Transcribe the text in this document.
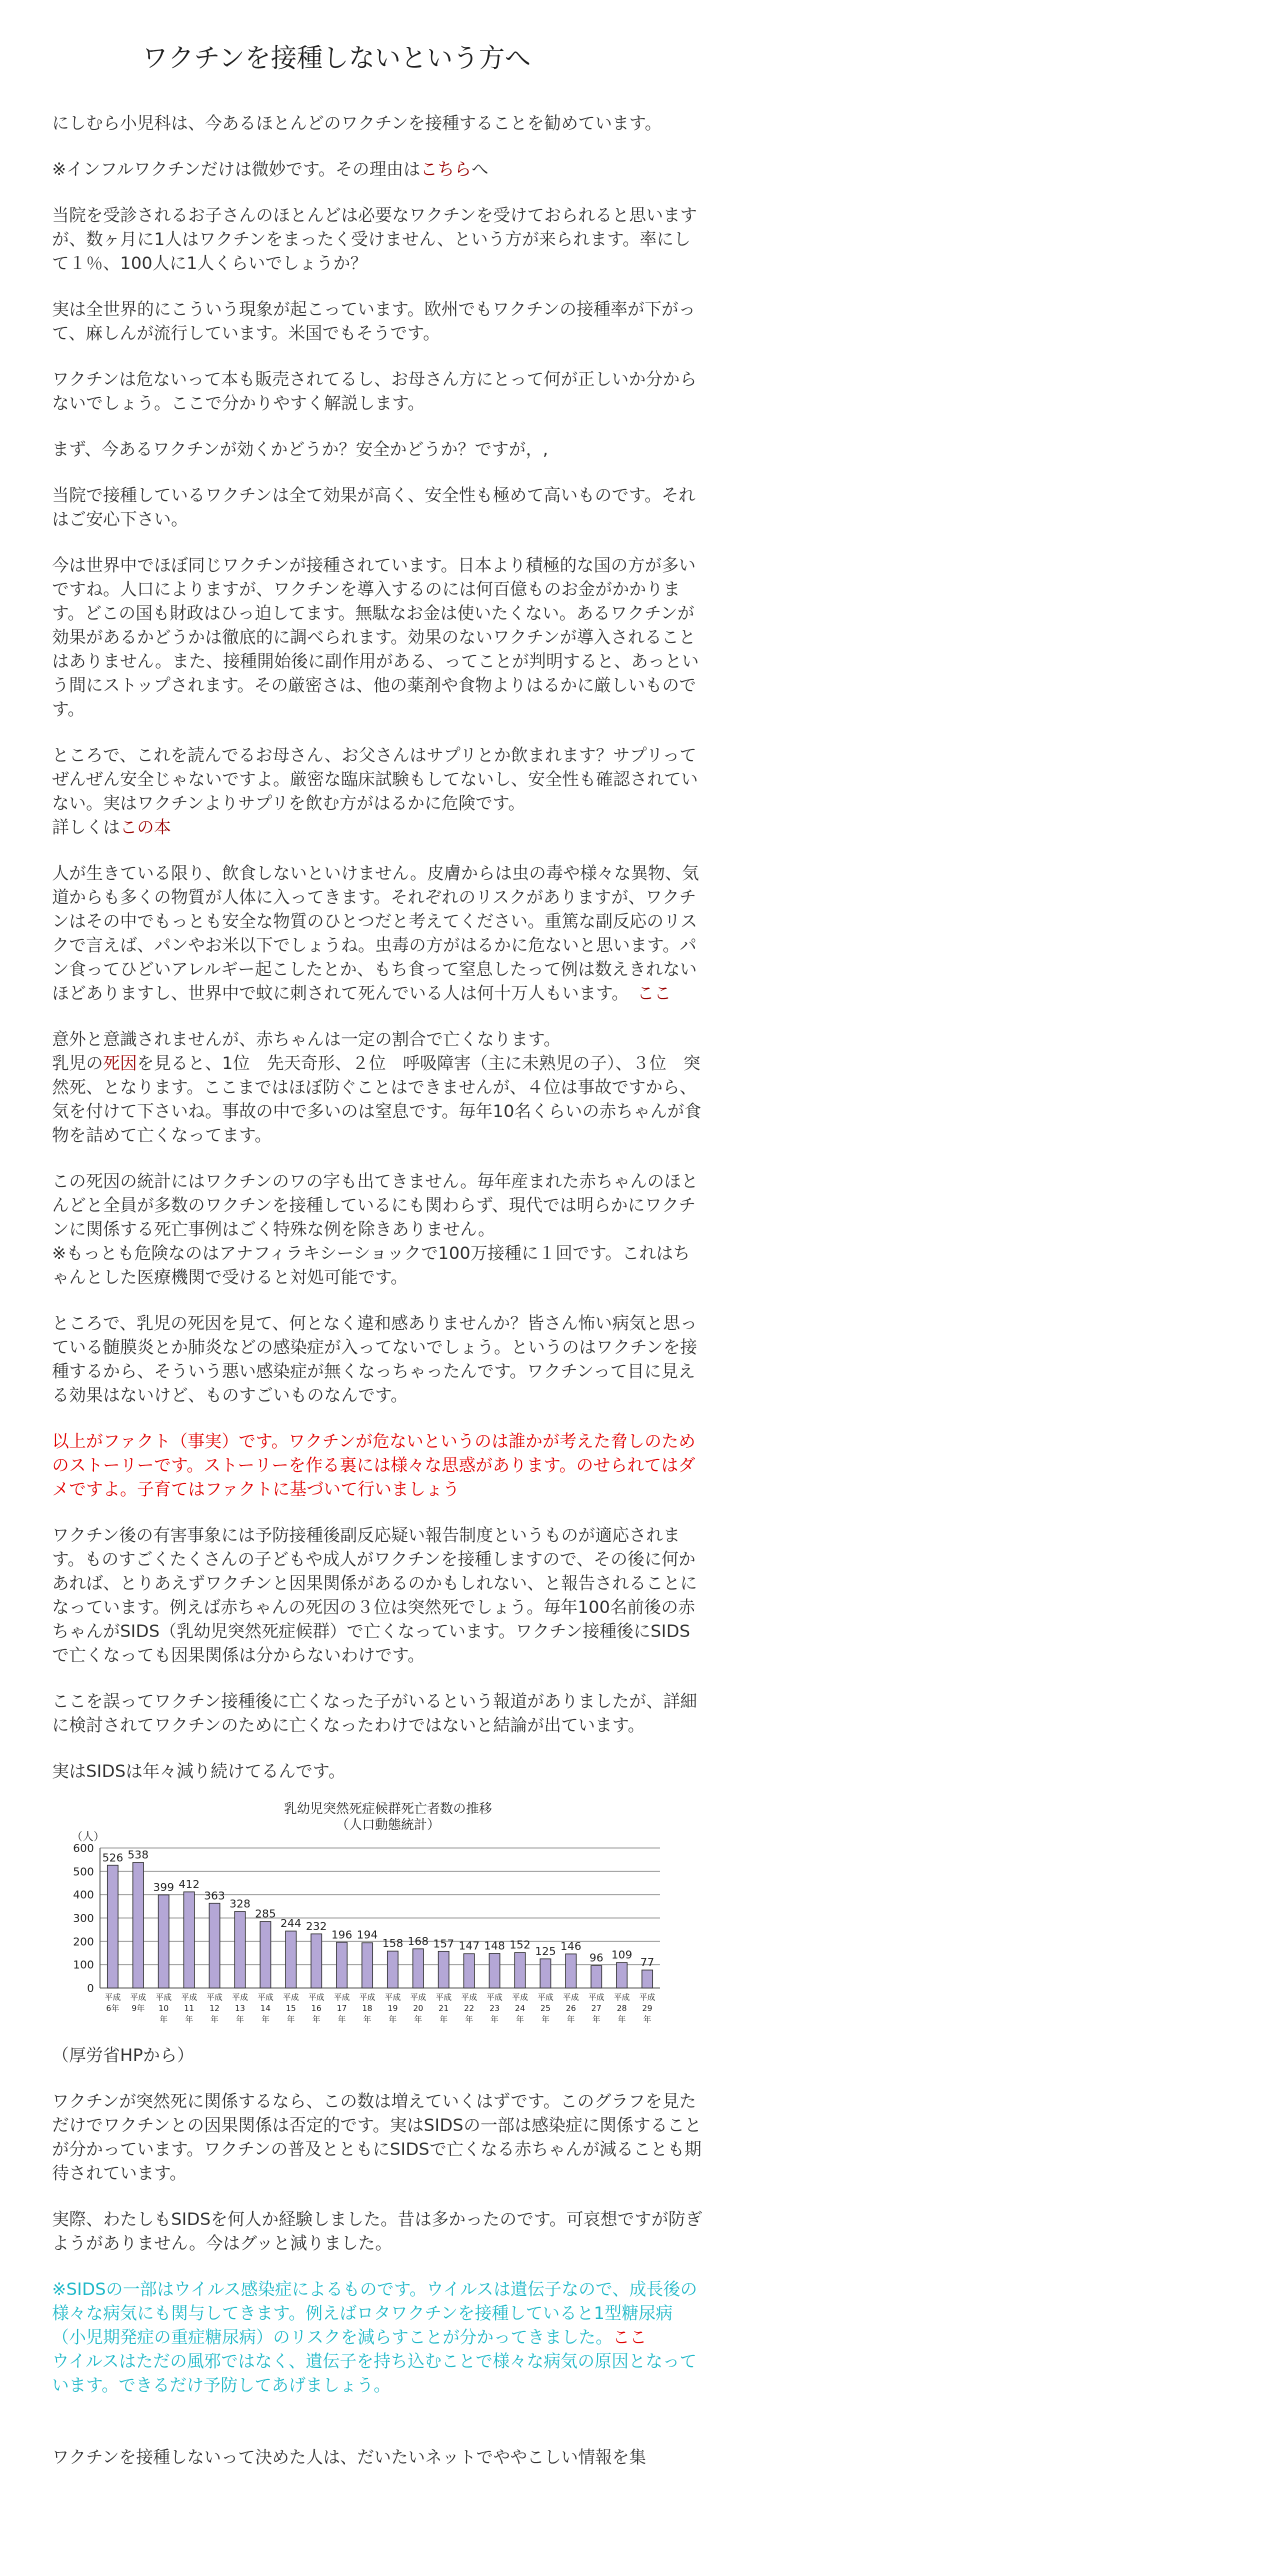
ワクチンを接種しないという方へ

にしむら小児科は、今あるほとんどのワクチンを接種することを勧めています。

※インフルワクチンだけは微妙です。その理由はこちらへ

当院を受診されるお子さんのほとんどは必要なワクチンを受けておられると思いますが、数ヶ月に1人はワクチンをまったく受けません、という方が来られます。率にして１％、100人に1人くらいでしょうか？

実は全世界的にこういう現象が起こっています。欧州でもワクチンの接種率が下がって、麻しんが流行しています。米国でもそうです。

ワクチンは危ないって本も販売されてるし、お母さん方にとって何が正しいか分からないでしょう。ここで分かりやすく解説します。

まず、今あるワクチンが効くかどうか？安全かどうか？ですが，,

当院で接種しているワクチンは全て効果が高く、安全性も極めて高いものです。それはご安心下さい。

今は世界中でほぼ同じワクチンが接種されています。日本より積極的な国の方が多いですね。人口によりますが、ワクチンを導入するのには何百億ものお金がかかります。どこの国も財政はひっ迫してます。無駄なお金は使いたくない。あるワクチンが効果があるかどうかは徹底的に調べられます。効果のないワクチンが導入されることはありません。また、接種開始後に副作用がある、ってことが判明すると、あっという間にストップされます。その厳密さは、他の薬剤や食物よりはるかに厳しいものです。

ところで、これを読んでるお母さん、お父さんはサプリとか飲まれます？サプリってぜんぜん安全じゃないですよ。厳密な臨床試験もしてないし、安全性も確認されていない。実はワクチンよりサプリを飲む方がはるかに危険です。

詳しくはこの本

人が生きている限り、飲食しないといけません。皮膚からは虫の毒や様々な異物、気道からも多くの物質が人体に入ってきます。それぞれのリスクがありますが、ワクチンはその中でもっとも安全な物質のひとつだと考えてください。重篤な副反応のリスクで言えば、パンやお米以下でしょうね。虫毒の方がはるかに危ないと思います。パン食ってひどいアレルギー起こしたとか、もち食って窒息したって例は数えきれないほどありますし、世界中で蚊に刺されて死んでいる人は何十万人もいます。　ここ

意外と意識されませんが、赤ちゃんは一定の割合で亡くなります。

乳児の死因を見ると、1位　先天奇形、２位　呼吸障害（主に未熟児の子）、３位　突然死、となります。ここまではほぼ防ぐことはできませんが、４位は事故ですから、気を付けて下さいね。事故の中で多いのは窒息です。毎年10名くらいの赤ちゃんが食物を詰めて亡くなってます。

この死因の統計にはワクチンのワの字も出てきません。毎年産まれた赤ちゃんのほとんどと全員が多数のワクチンを接種しているにも関わらず、現代では明らかにワクチンに関係する死亡事例はごく特殊な例を除きありません。

※もっとも危険なのはアナフィラキシーショックで100万接種に１回です。これはちゃんとした医療機関で受けると対処可能です。

ところで、乳児の死因を見て、何となく違和感ありませんか？皆さん怖い病気と思っている髄膜炎とか肺炎などの感染症が入ってないでしょう。というのはワクチンを接種するから、そういう悪い感染症が無くなっちゃったんです。ワクチンって目に見える効果はないけど、ものすごいものなんです。

以上がファクト（事実）です。ワクチンが危ないというのは誰かが考えた脅しのためのストーリーです。ストーリーを作る裏には様々な思惑があります。のせられてはダメですよ。子育てはファクトに基づいて行いましょう

ワクチン後の有害事象には予防接種後副反応疑い報告制度というものが適応されます。ものすごくたくさんの子どもや成人がワクチンを接種しますので、その後に何かあれば、とりあえずワクチンと因果関係があるのかもしれない、と報告されることになっています。例えば赤ちゃんの死因の３位は突然死でしょう。毎年100名前後の赤ちゃんがSIDS（乳幼児突然死症候群）で亡くなっています。ワクチン接種後にSIDSで亡くなっても因果関係は分からないわけです。

ここを誤ってワクチン接種後に亡くなった子がいるという報道がありましたが、詳細に検討されてワクチンのために亡くなったわけではないと結論が出ています。

実はSIDSは年々減り続けてるんです。

乳幼児突然死症候群死亡者数の推移
（人口動態統計）
（人）
0
100
200
300
400
500
600
526 538
399 412
363
328
285
244 232
196 194
158 168 157 147 148 152 125 146
96 109
77
平成
6年
平成
9年
平成
10
年
平成
11
年
平成
12
年
平成
13
年
平成
14
年
平成
15
年
平成
16
年
平成
17
年
平成
18
年
平成
19
年
平成
20
年
平成
21
年
平成
22
年
平成
23
年
平成
24
年
平成
25
年
平成
26
年
平成
27
年
平成
28
年
平成
29
年

（厚労省HPから）

ワクチンが突然死に関係するなら、この数は増えていくはずです。このグラフを見ただけでワクチンとの因果関係は否定的です。実はSIDSの一部は感染症に関係することが分かっています。ワクチンの普及とともにSIDSで亡くなる赤ちゃんが減ることも期待されています。

実際、わたしもSIDSを何人か経験しました。昔は多かったのです。可哀想ですが防ぎようがありません。今はグッと減りました。

※SIDSの一部はウイルス感染症によるものです。ウイルスは遺伝子なので、成長後の様々な病気にも関与してきます。例えばロタワクチンを接種していると1型糖尿病（小児期発症の重症糖尿病）のリスクを減らすことが分かってきました。ここ

ウイルスはただの風邪ではなく、遺伝子を持ち込むことで様々な病気の原因となっています。できるだけ予防してあげましょう。

ワクチンを接種しないって決めた人は、だいたいネットでややこしい情報を集
